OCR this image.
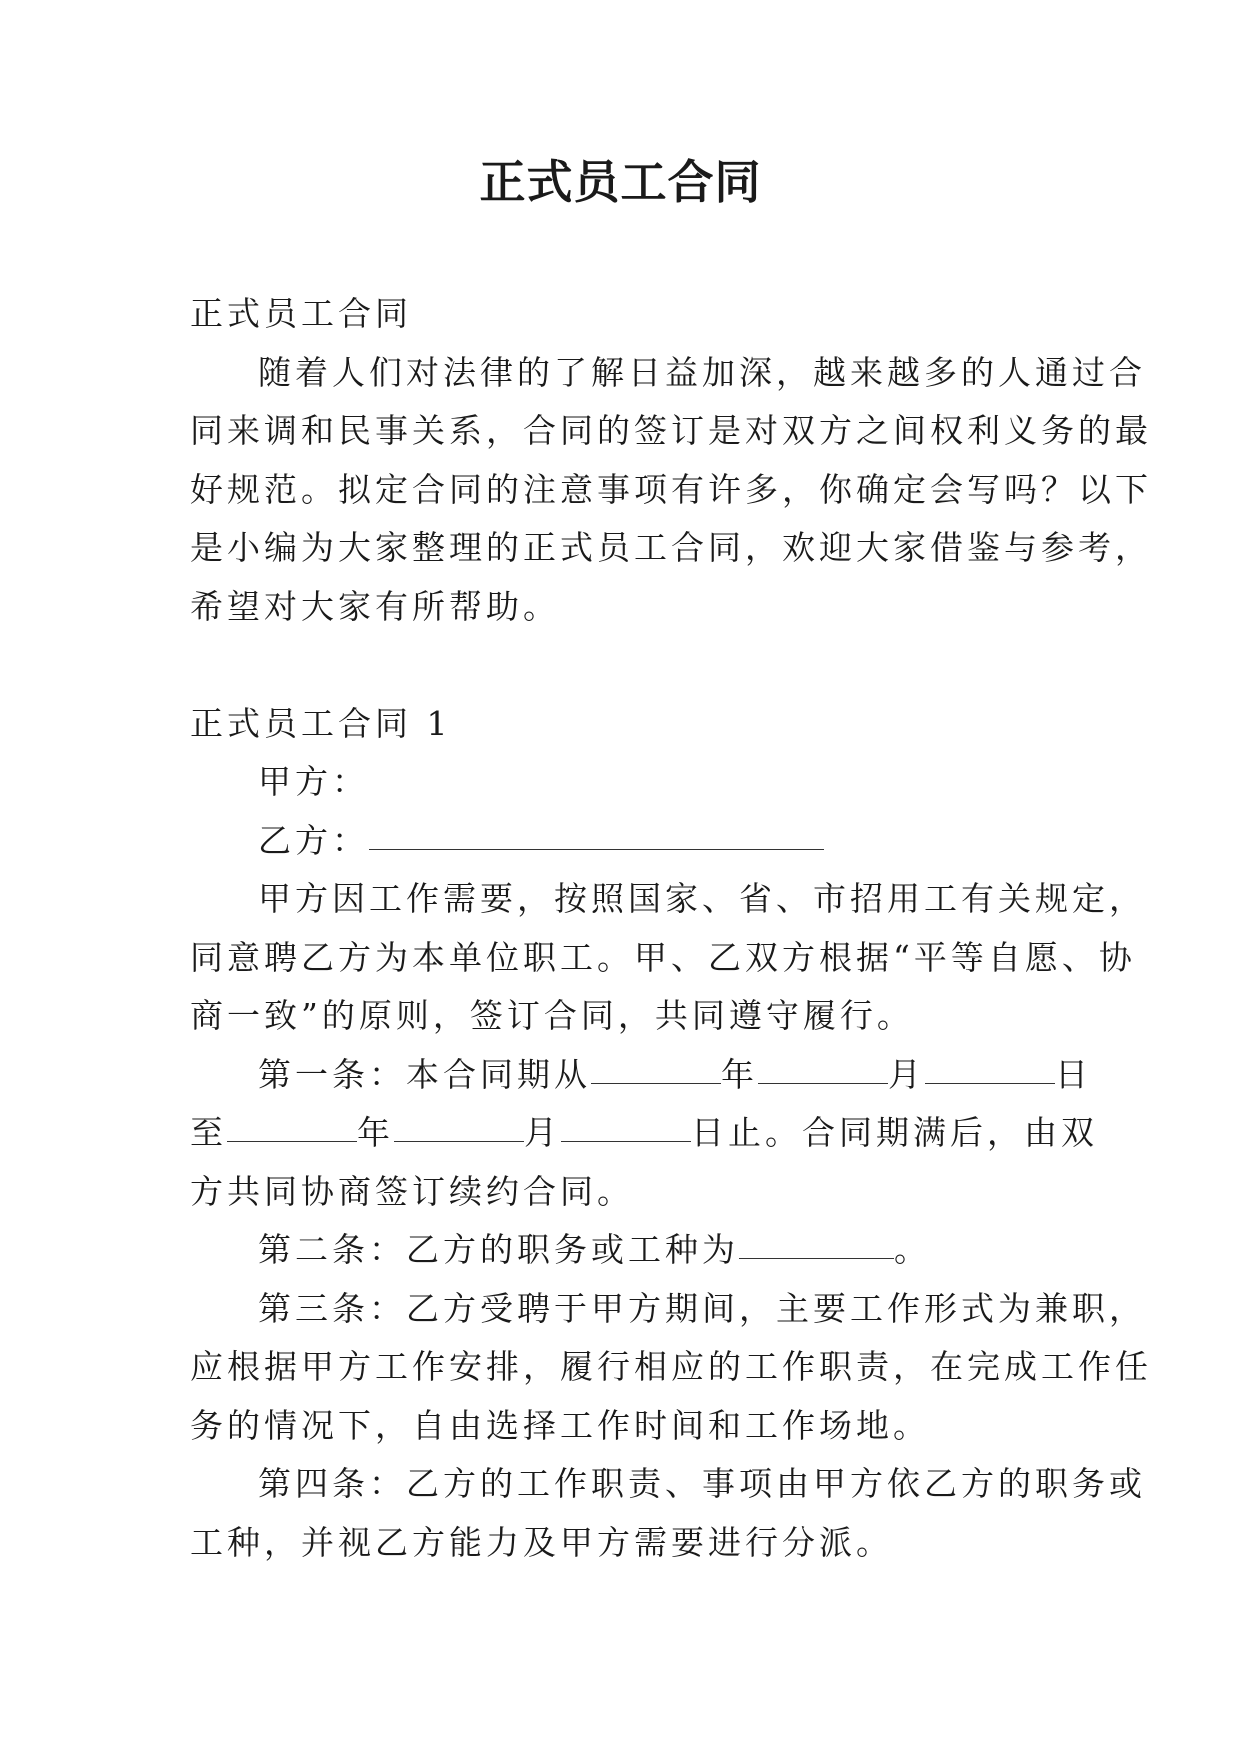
正式员工合同
正式员工合同
随着人们对法律的了解日益加深，越来越多的人通过合
同来调和民事关系，合同的签订是对双方之间权利义务的最
好规范。拟定合同的注意事项有许多，你确定会写吗？以下
是小编为大家整理的正式员工合同，欢迎大家借鉴与参考，
希望对大家有所帮助。
正式员工合同 1
甲方：
乙方：
甲方因工作需要，按照国家、省、市招用工有关规定，
同意聘乙方为本单位职工。甲、乙双方根据“平等自愿、协
商一致”的原则，签订合同，共同遵守履行。
第一条：本合同期从	年	月	日
至	年	月	日止。合同期满后，由双
方共同协商签订续约合同。
第二条：乙方的职务或工种为	。
第三条：乙方受聘于甲方期间，主要工作形式为兼职，
应根据甲方工作安排，履行相应的工作职责，在完成工作任
务的情况下，自由选择工作时间和工作场地。
第四条：乙方的工作职责、事项由甲方依乙方的职务或
工种，并视乙方能力及甲方需要进行分派。
